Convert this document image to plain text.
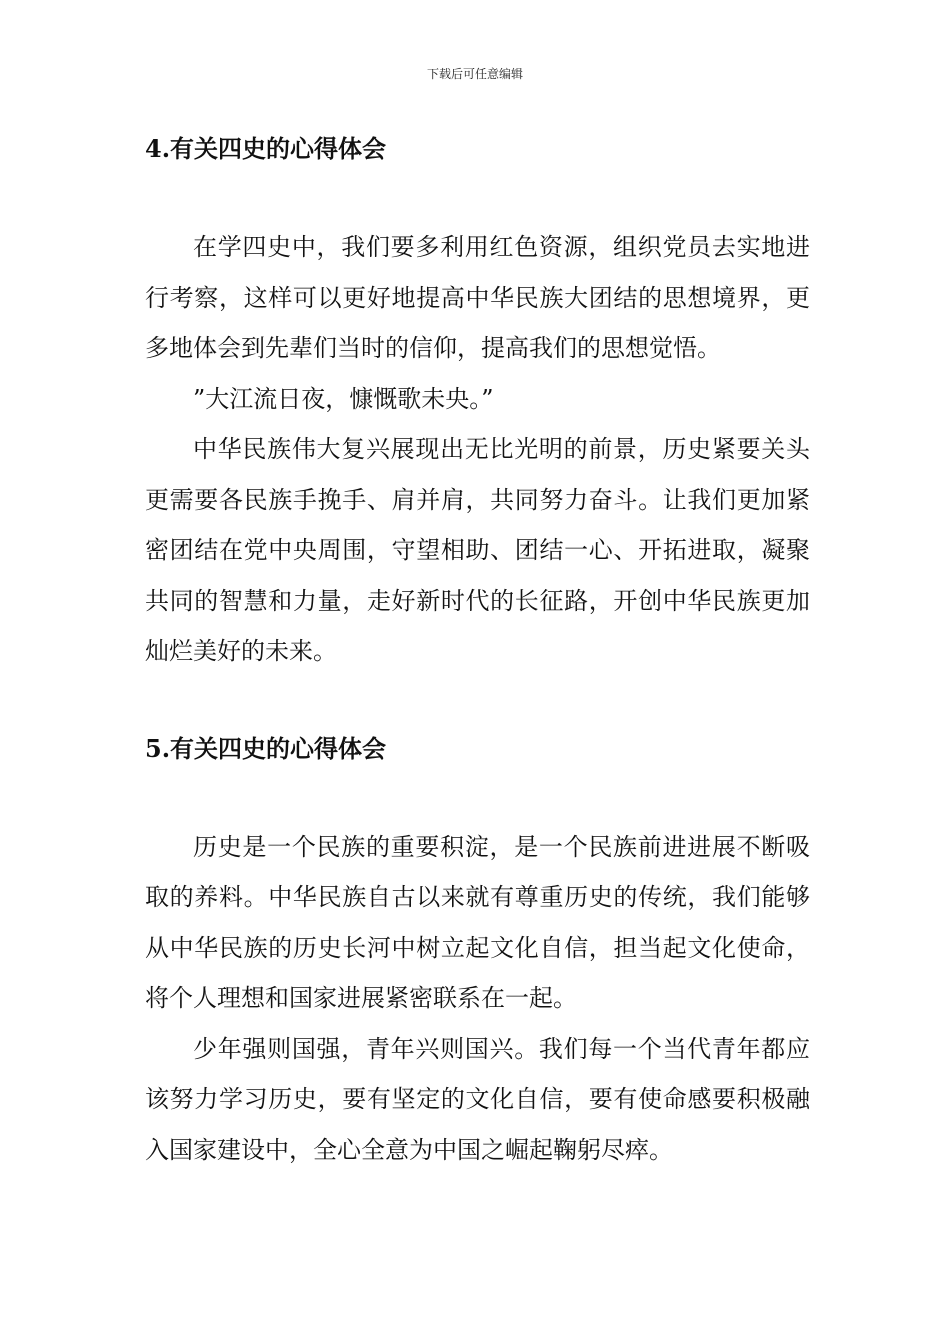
下载后可任意编辑
4.有关四史的心得体会

在学四史中，我们要多利用红色资源，组织党员去实地进行考察，这样可以更好地提高中华民族大团结的思想境界，更多地体会到先辈们当时的信仰，提高我们的思想觉悟。

”大江流日夜，慷慨歌未央。”

中华民族伟大复兴展现出无比光明的前景，历史紧要关头更需要各民族手挽手、肩并肩，共同努力奋斗。让我们更加紧密团结在党中央周围，守望相助、团结一心、开拓进取，凝聚共同的智慧和力量，走好新时代的长征路，开创中华民族更加灿烂美好的未来。

5.有关四史的心得体会

历史是一个民族的重要积淀，是一个民族前进进展不断吸取的养料。中华民族自古以来就有尊重历史的传统，我们能够从中华民族的历史长河中树立起文化自信，担当起文化使命，将个人理想和国家进展紧密联系在一起。

少年强则国强，青年兴则国兴。我们每一个当代青年都应该努力学习历史，要有坚定的文化自信，要有使命感要积极融入国家建设中，全心全意为中国之崛起鞠躬尽瘁。
